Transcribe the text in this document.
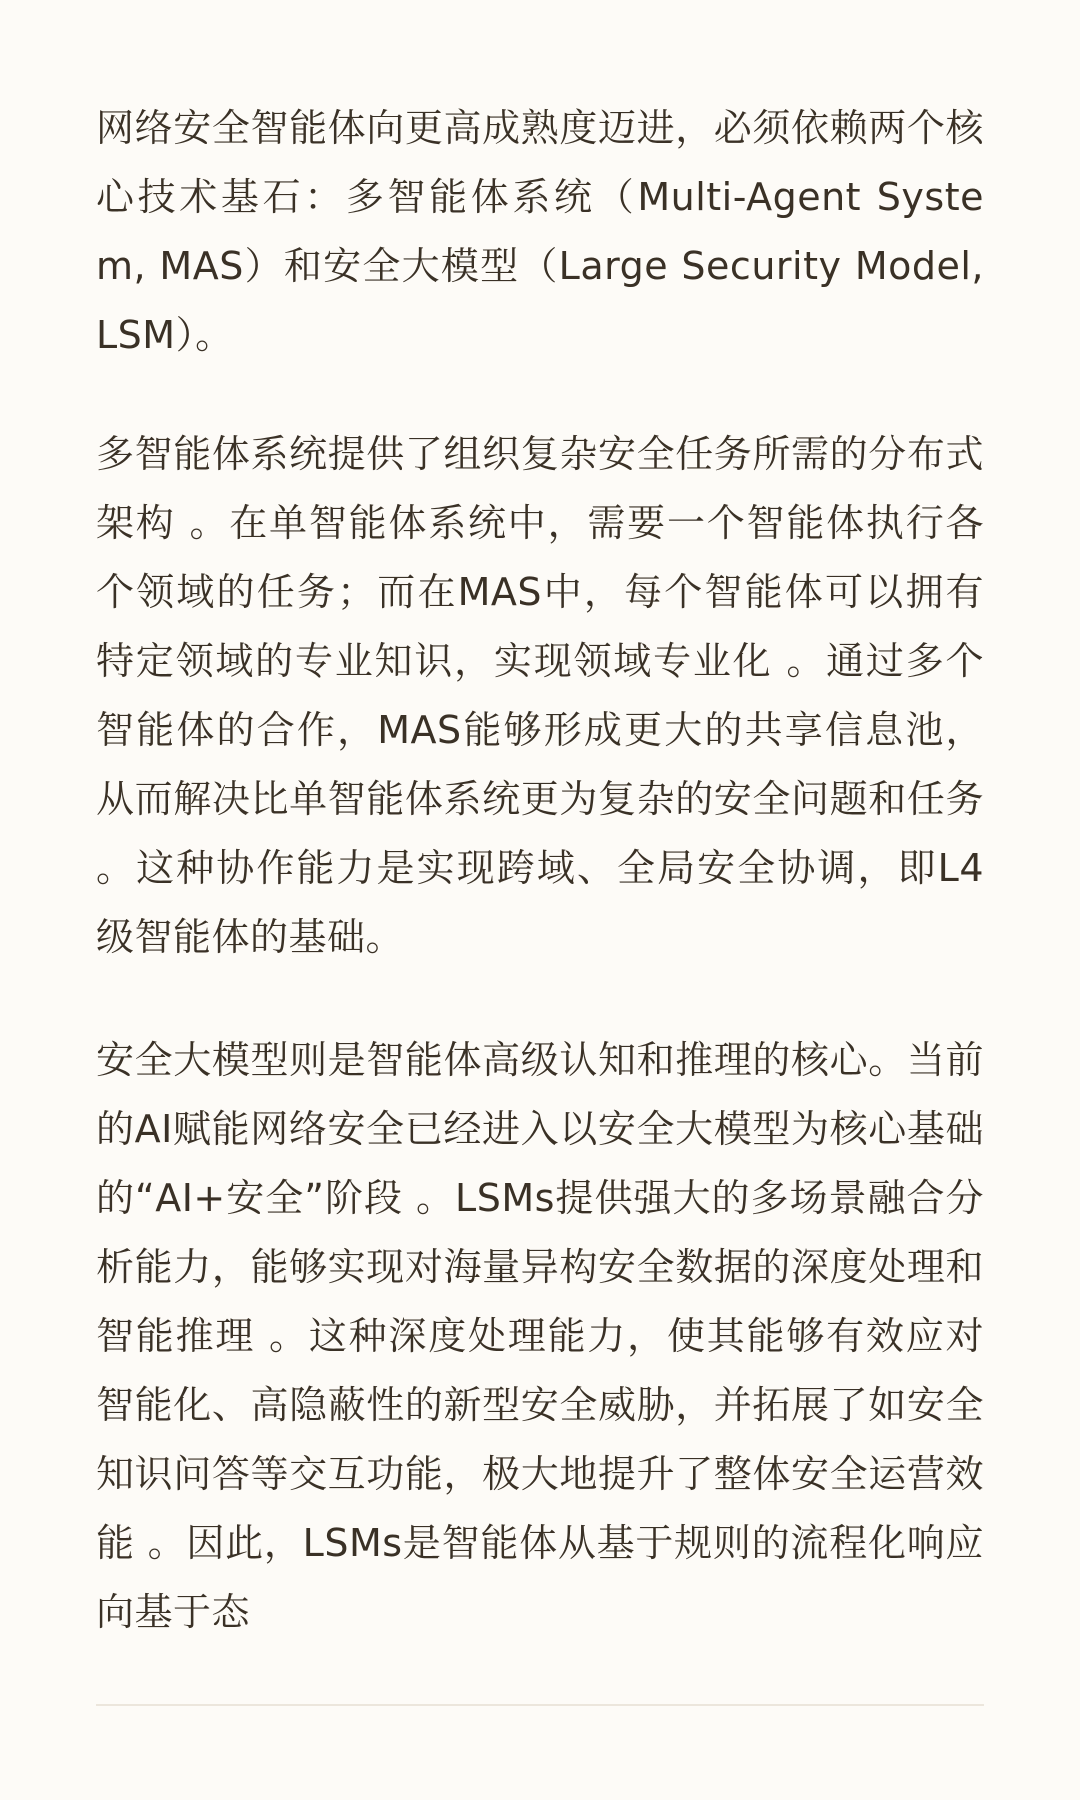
网络安全智能体向更高成熟度迈进，必须依赖两个核心技术基石：多智能体系统（Multi-Agent System, MAS）和安全大模型（Large Security Model, LSM）。

多智能体系统提供了组织复杂安全任务所需的分布式架构 。在单智能体系统中，需要一个智能体执行各个领域的任务；而在MAS中，每个智能体可以拥有特定领域的专业知识，实现领域专业化 。通过多个智能体的合作，MAS能够形成更大的共享信息池，从而解决比单智能体系统更为复杂的安全问题和任务 。这种协作能力是实现跨域、全局安全协调，即L4级智能体的基础。

安全大模型则是智能体高级认知和推理的核心。当前的AI赋能网络安全已经进入以安全大模型为核心基础的“AI+安全”阶段 。LSMs提供强大的多场景融合分析能力，能够实现对海量异构安全数据的深度处理和智能推理 。这种深度处理能力，使其能够有效应对智能化、高隐蔽性的新型安全威胁，并拓展了如安全知识问答等交互功能，极大地提升了整体安全运营效能 。因此，LSMs是智能体从基于规则的流程化响应向基于态
